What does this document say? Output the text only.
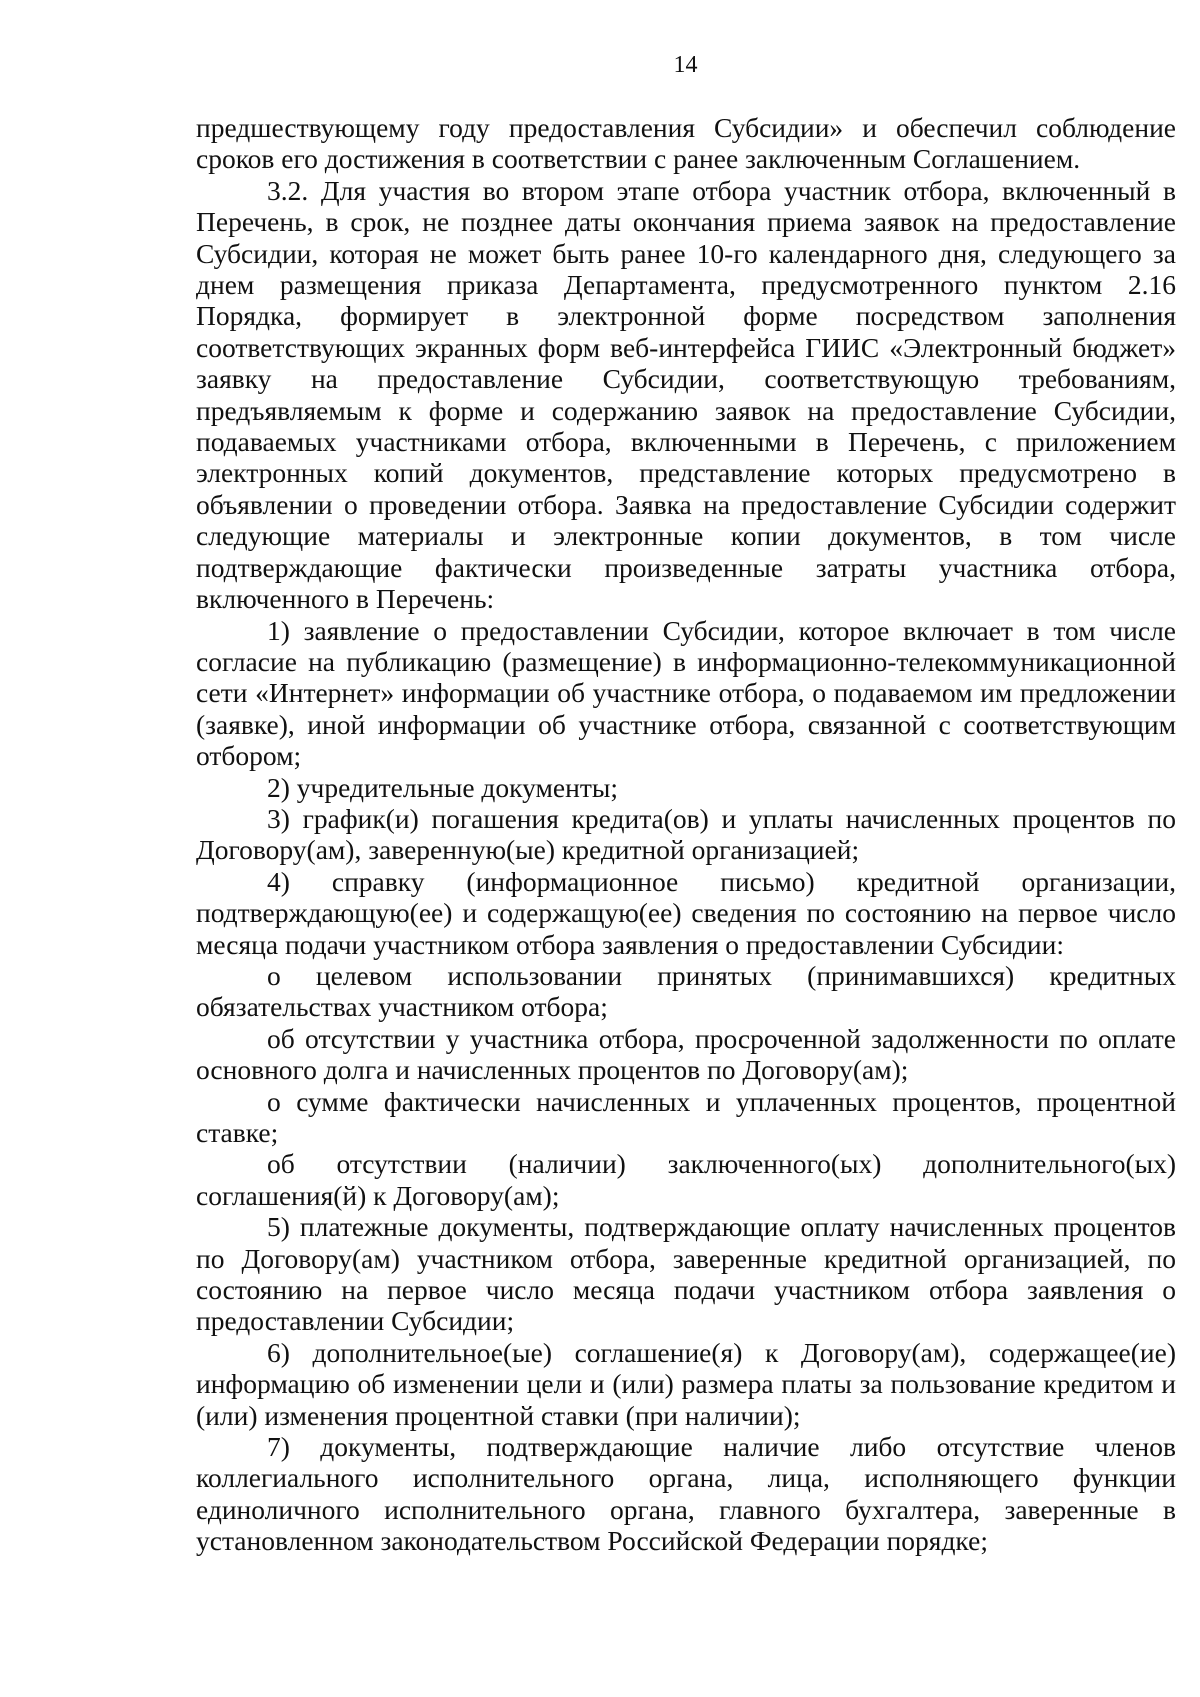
14

предшествующему году предоставления Субсидии» и обеспечил соблюдение сроков его достижения в соответствии с ранее заключенным Соглашением.

3.2. Для участия во втором этапе отбора участник отбора, включенный в Перечень, в срок, не позднее даты окончания приема заявок на предоставление Субсидии, которая не может быть ранее 10-го календарного дня, следующего за днем размещения приказа Департамента, предусмотренного пунктом 2.16 Порядка, формирует в электронной форме посредством заполнения соответствующих экранных форм веб-интерфейса ГИИС «Электронный бюджет» заявку на предоставление Субсидии, соответствующую требованиям, предъявляемым к форме и содержанию заявок на предоставление Субсидии, подаваемых участниками отбора, включенными в Перечень, с приложением электронных копий документов, представление которых предусмотрено в объявлении о проведении отбора. Заявка на предоставление Субсидии содержит следующие материалы и электронные копии документов, в том числе подтверждающие фактически произведенные затраты участника отбора, включенного в Перечень:

1) заявление о предоставлении Субсидии, которое включает в том числе согласие на публикацию (размещение) в информационно-телекоммуникационной сети «Интернет» информации об участнике отбора, о подаваемом им предложении (заявке), иной информации об участнике отбора, связанной с соответствующим отбором;

2) учредительные документы;

3) график(и) погашения кредита(ов) и уплаты начисленных процентов по Договору(ам), заверенную(ые) кредитной организацией;

4) справку (информационное письмо) кредитной организации, подтверждающую(ее) и содержащую(ее) сведения по состоянию на первое число месяца подачи участником отбора заявления о предоставлении Субсидии:

о целевом использовании принятых (принимавшихся) кредитных обязательствах участником отбора;

об отсутствии у участника отбора, просроченной задолженности по оплате основного долга и начисленных процентов по Договору(ам);

о сумме фактически начисленных и уплаченных процентов, процентной ставке;

об отсутствии (наличии) заключенного(ых) дополнительного(ых) соглашения(й) к Договору(ам);

5) платежные документы, подтверждающие оплату начисленных процентов по Договору(ам) участником отбора, заверенные кредитной организацией, по состоянию на первое число месяца подачи участником отбора заявления о предоставлении Субсидии;

6) дополнительное(ые) соглашение(я) к Договору(ам), содержащее(ие) информацию об изменении цели и (или) размера платы за пользование кредитом и (или) изменения процентной ставки (при наличии);

7) документы, подтверждающие наличие либо отсутствие членов коллегиального исполнительного органа, лица, исполняющего функции единоличного исполнительного органа, главного бухгалтера, заверенные в установленном законодательством Российской Федерации порядке;
